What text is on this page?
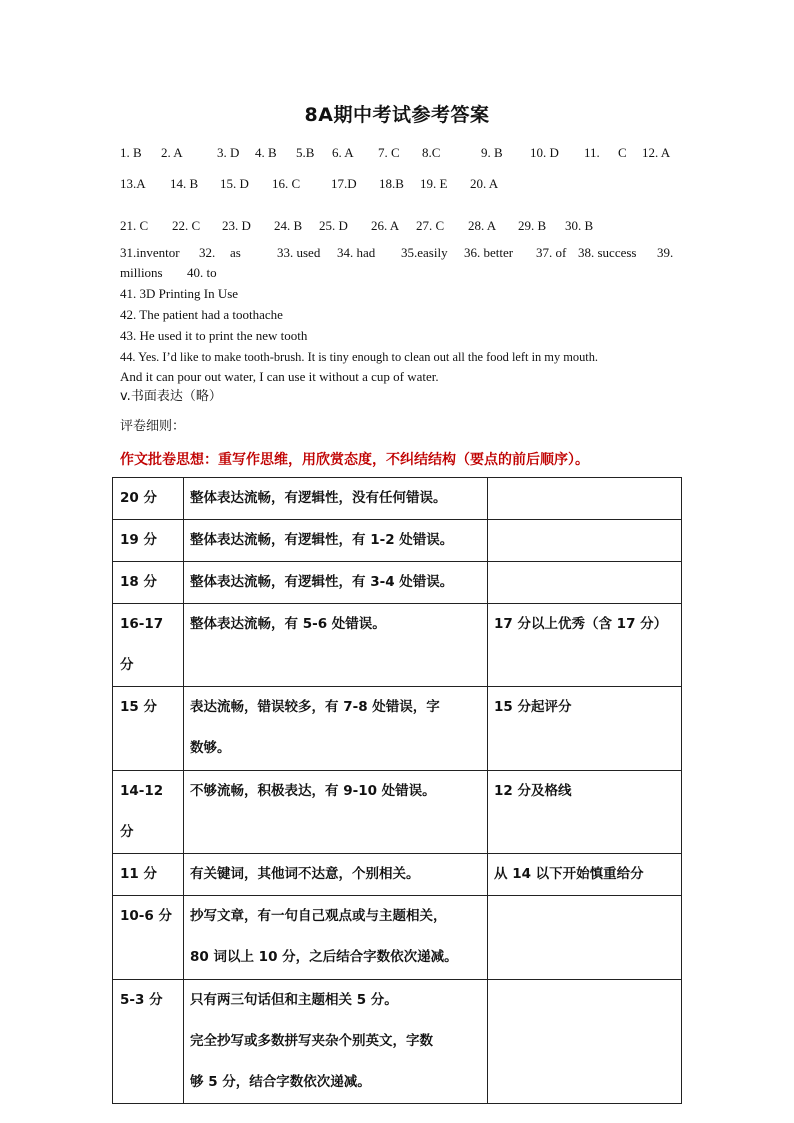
8A期中考试参考答案
1. B 2. A	3. D 4. B 5.B 6. A 7. C 8.C	9. B 10. D 11. C 12. A
13.A 14. B 15. D 16. C 17.D 18.B 19. E 20. A
21. C 22. C 23. D 24. B 25. D 26. A 27. C 28. A 29. B 30. B
31.inventor 32. as	33. used 34. had 35.easily 36. better 37. of 38. success 39.
millions 40. to
41. 3D Printing In Use
42. The patient had a toothache
43. He used it to print the new tooth
44. Yes. I’d like to make tooth-brush. It is tiny enough to clean out all the food left in my mouth.
And it can pour out water, I can use it without a cup of water.
v.书面表达（略）
评卷细则：
作文批卷思想：重写作思维，用欣赏态度，不纠结结构（要点的前后顺序）。
20 分	整体表达流畅，有逻辑性，没有任何错误。	

19 分	整体表达流畅，有逻辑性，有 1-2 处错误。	

18 分	整体表达流畅，有逻辑性，有 3-4 处错误。	

16-17 分	整体表达流畅，有 5-6 处错误。	17 分以上优秀（含 17 分）
15 分	表达流畅，错误较多，有 7-8 处错误，字
数够。	15 分起评分
14-12 分	不够流畅，积极表达，有 9-10 处错误。	12 分及格线
11 分	有关键词，其他词不达意，个别相关。	从 14 以下开始慎重给分
10-6 分	抄写文章，有一句自己观点或与主题相关，
80 词以上 10 分，之后结合字数依次递减。	

5-3 分	只有两三句话但和主题相关 5 分。
完全抄写或多数拼写夹杂个别英文，字数
够 5 分，结合字数依次递减。	
